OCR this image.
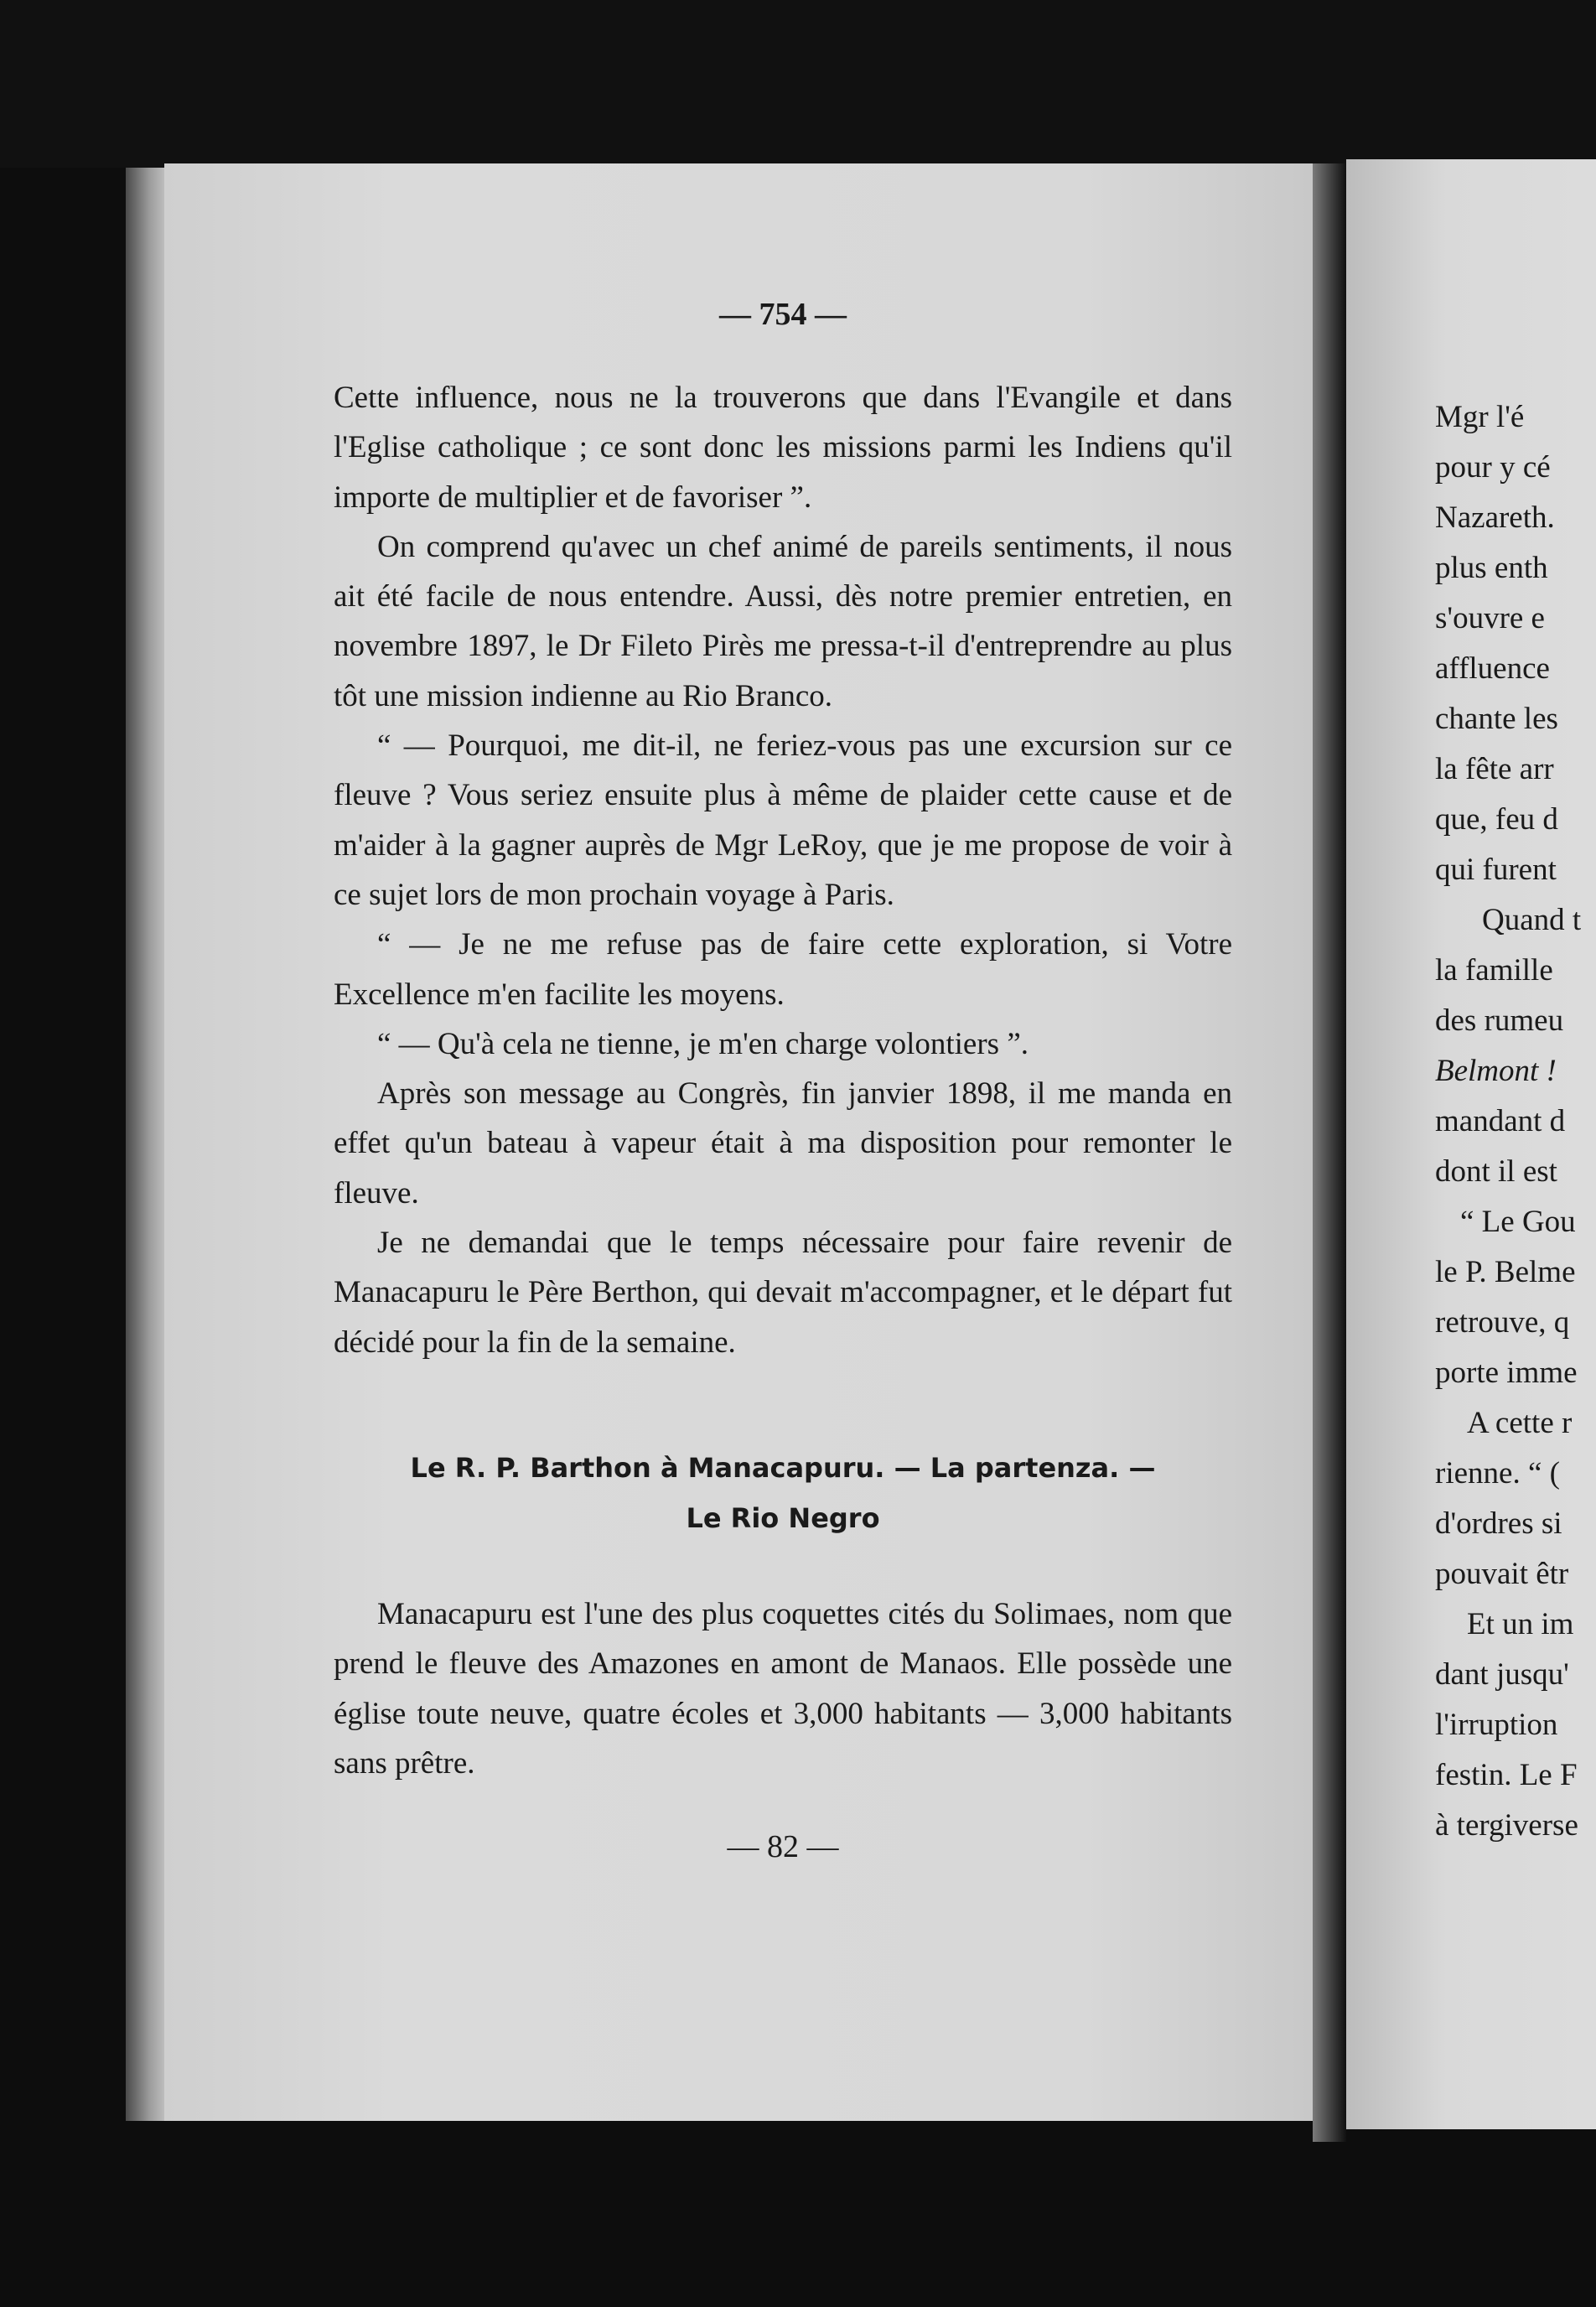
— 754 —

Cette influence, nous ne la trouverons que dans l'Evangile et dans l'Eglise catholique ; ce sont donc les missions parmi les Indiens qu'il importe de multiplier et de favoriser ”.

On comprend qu'avec un chef animé de pareils sentiments, il nous ait été facile de nous entendre. Aussi, dès notre premier entretien, en novembre 1897, le Dr Fileto Pirès me pressa-t-il d'entreprendre au plus tôt une mission indienne au Rio Branco.

“ — Pourquoi, me dit-il, ne feriez-vous pas une excursion sur ce fleuve ? Vous seriez ensuite plus à même de plaider cette cause et de m'aider à la gagner auprès de Mgr LeRoy, que je me propose de voir à ce sujet lors de mon prochain voyage à Paris.

“ — Je ne me refuse pas de faire cette exploration, si Votre Excellence m'en facilite les moyens.

“ — Qu'à cela ne tienne, je m'en charge volontiers ”.

Après son message au Congrès, fin janvier 1898, il me manda en effet qu'un bateau à vapeur était à ma disposition pour remonter le fleuve.

Je ne demandai que le temps nécessaire pour faire revenir de Manacapuru le Père Berthon, qui devait m'accompagner, et le départ fut décidé pour la fin de la semaine.

Le R. P. Barthon à Manacapuru. — La partenza. —
Le Rio Negro

Manacapuru est l'une des plus coquettes cités du Solimaes, nom que prend le fleuve des Amazones en amont de Manaos. Elle possède une église toute neuve, quatre écoles et 3,000 habitants — 3,000 habitants sans prêtre.

— 82 —

Mgr l'é
pour y cé
Nazareth.
plus enth
s'ouvre e
affluence
chante les
la fête arr
que, feu d
qui furent
Quand t
la famille
des rumeu
Belmont !
mandant d
dont il est
“ Le Gou
le P. Belme
retrouve, q
porte imme
A cette r
rienne. “ (
d'ordres si
pouvait êtr
Et un im
dant jusqu'
l'irruption
festin. Le F
à tergiverse
